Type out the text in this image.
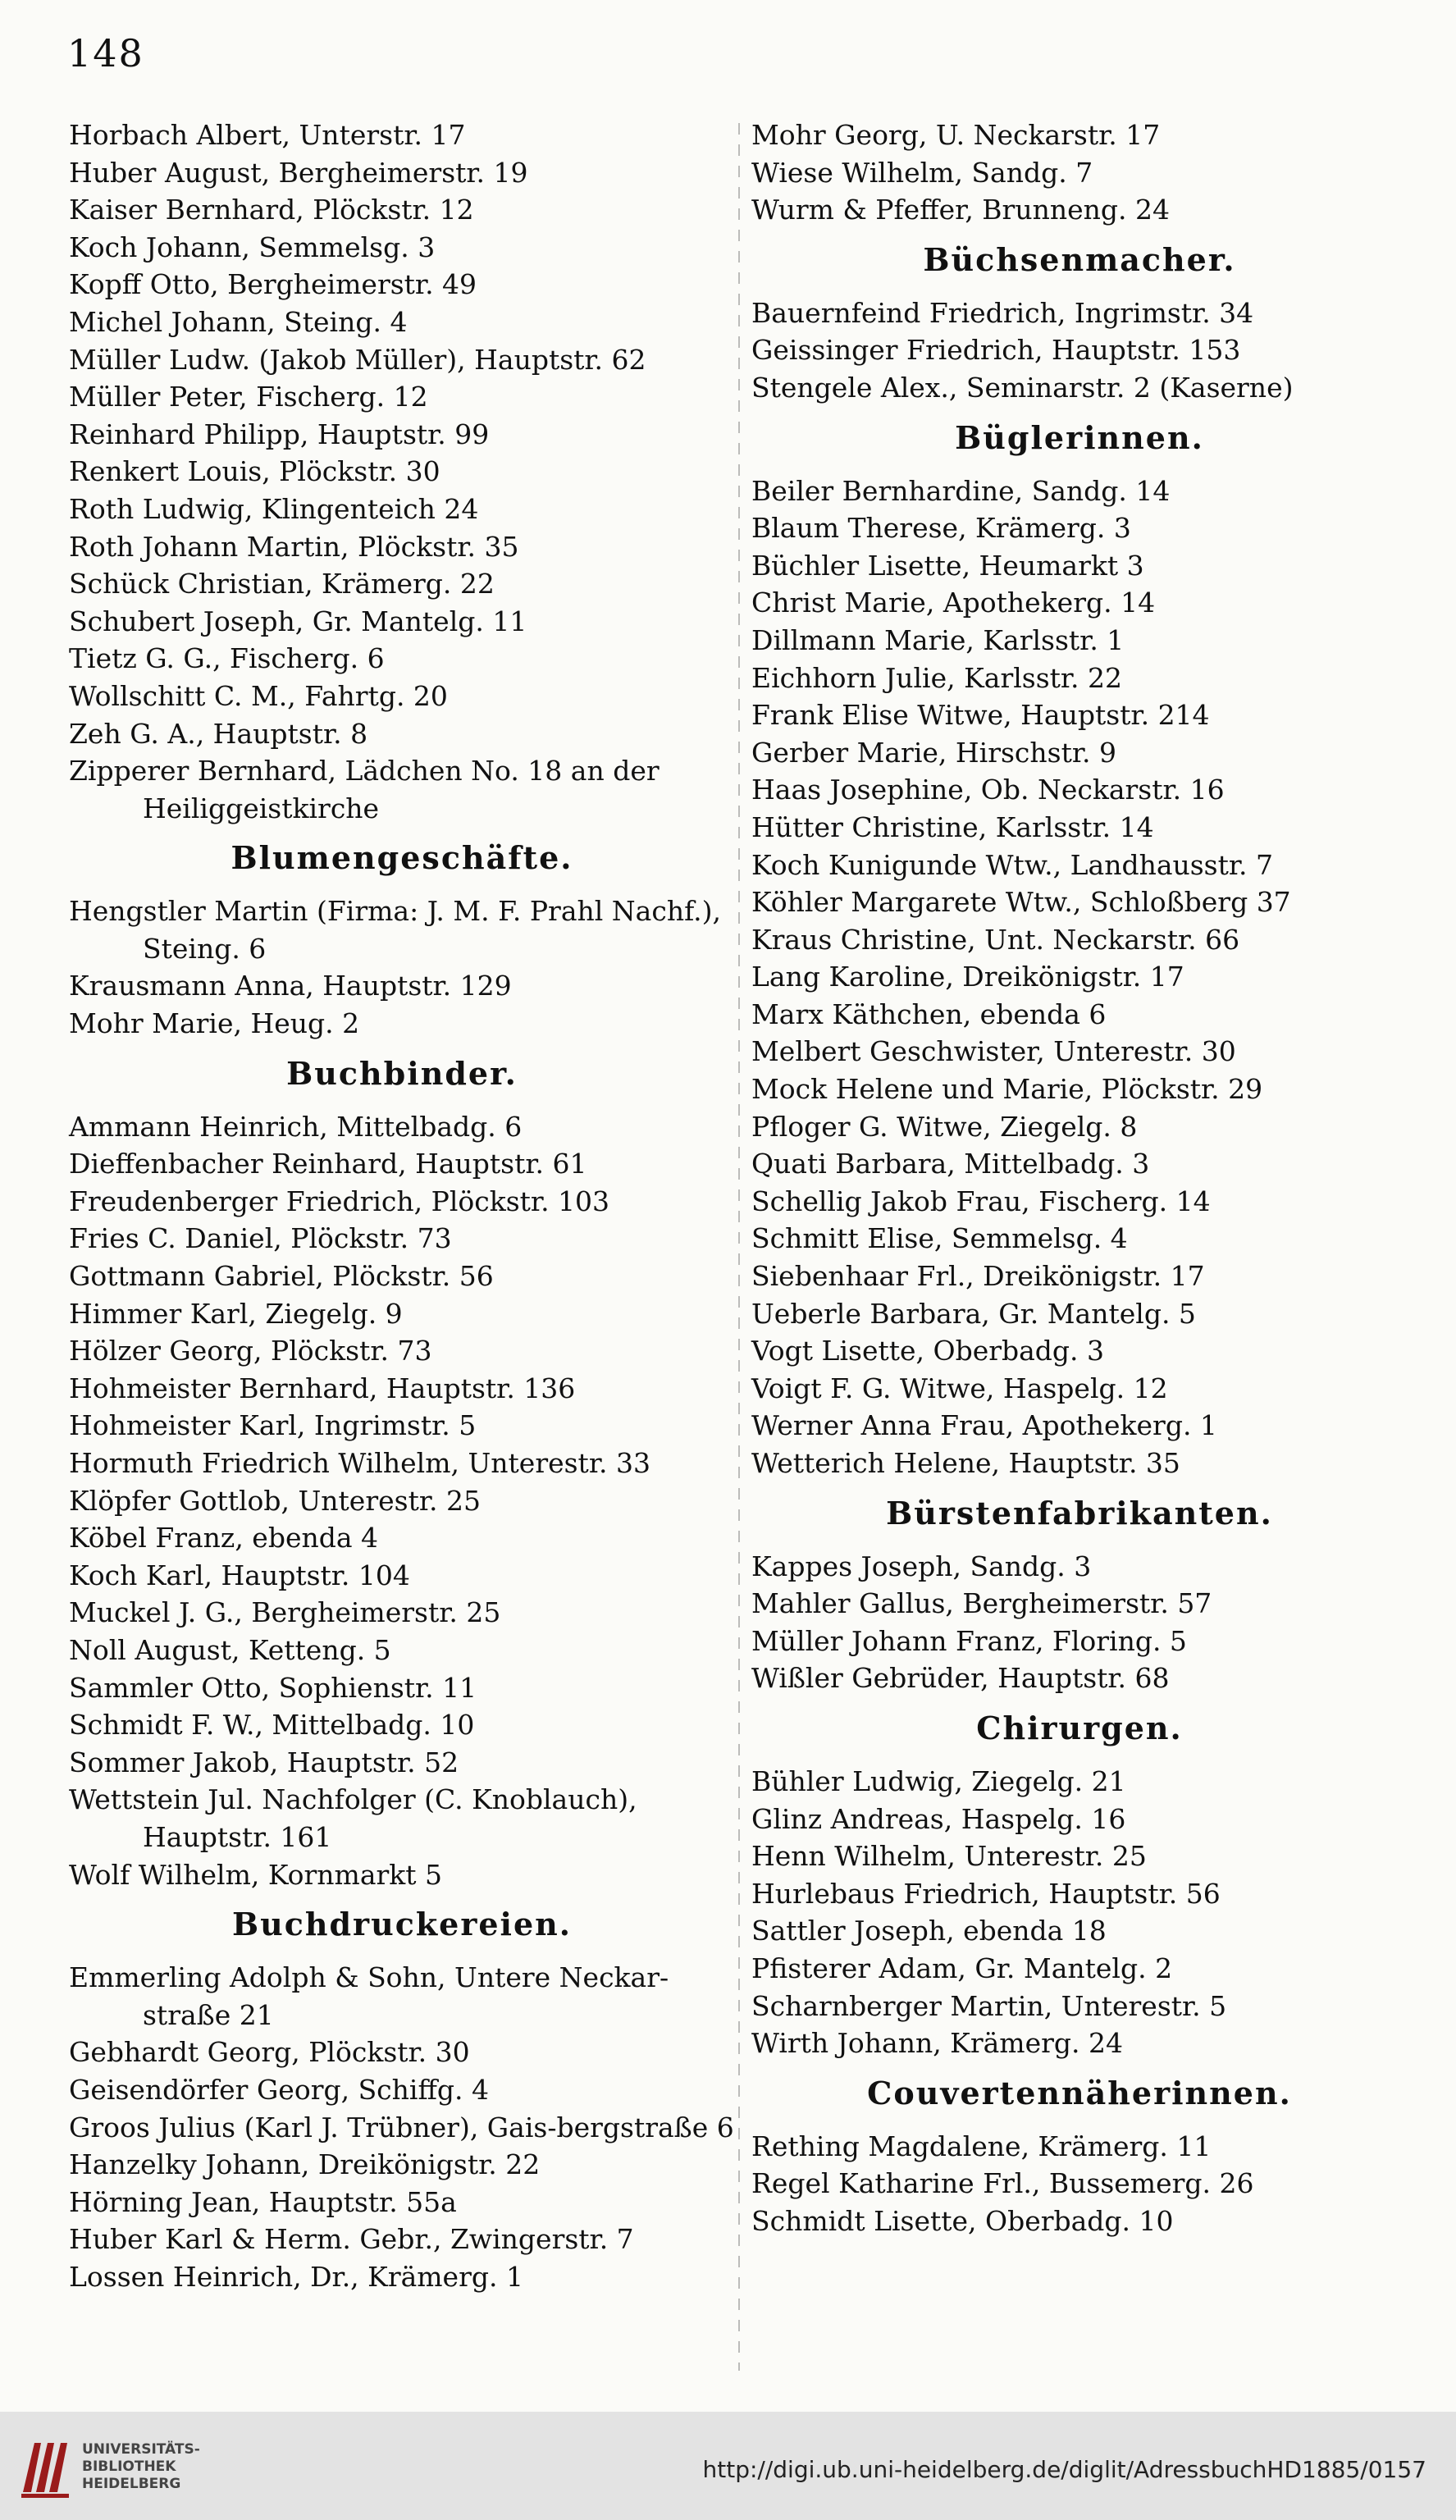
148
Horbach Albert, Unterstr. 17
Huber August, Bergheimerstr. 19
Kaiser Bernhard, Plöckstr. 12
Koch Johann, Semmelsg. 3
Kopff Otto, Bergheimerstr. 49
Michel Johann, Steing. 4
Müller Ludw. (Jakob Müller), Hauptstr. 62
Müller Peter, Fischerg. 12
Reinhard Philipp, Hauptstr. 99
Renkert Louis, Plöckstr. 30
Roth Ludwig, Klingenteich 24
Roth Johann Martin, Plöckstr. 35
Schück Christian, Krämerg. 22
Schubert Joseph, Gr. Mantelg. 11
Tietz G. G., Fischerg. 6
Wollschitt C. M., Fahrtg. 20
Zeh G. A., Hauptstr. 8
Zipperer Bernhard, Lädchen No. 18 an der Heiliggeistkirche
Blumengeschäfte.
Hengstler Martin (Firma: J. M. F. Prahl Nachf.), Steing. 6
Krausmann Anna, Hauptstr. 129
Mohr Marie, Heug. 2
Buchbinder.
Ammann Heinrich, Mittelbadg. 6
Dieffenbacher Reinhard, Hauptstr. 61
Freudenberger Friedrich, Plöckstr. 103
Fries C. Daniel, Plöckstr. 73
Gottmann Gabriel, Plöckstr. 56
Himmer Karl, Ziegelg. 9
Hölzer Georg, Plöckstr. 73
Hohmeister Bernhard, Hauptstr. 136
Hohmeister Karl, Ingrimstr. 5
Hormuth Friedrich Wilhelm, Unterestr. 33
Klöpfer Gottlob, Unterestr. 25
Köbel Franz, ebenda 4
Koch Karl, Hauptstr. 104
Muckel J. G., Bergheimerstr. 25
Noll August, Ketteng. 5
Sammler Otto, Sophienstr. 11
Schmidt F. W., Mittelbadg. 10
Sommer Jakob, Hauptstr. 52
Wettstein Jul. Nachfolger (C. Knoblauch), Hauptstr. 161
Wolf Wilhelm, Kornmarkt 5
Buchdruckereien.
Emmerling Adolph & Sohn, Untere Neckar-straße 21
Gebhardt Georg, Plöckstr. 30
Geisendörfer Georg, Schiffg. 4
Groos Julius (Karl J. Trübner), Gais-bergstraße 6
Hanzelky Johann, Dreikönigstr. 22
Hörning Jean, Hauptstr. 55a
Huber Karl & Herm. Gebr., Zwingerstr. 7
Lossen Heinrich, Dr., Krämerg. 1
Mohr Georg, U. Neckarstr. 17
Wiese Wilhelm, Sandg. 7
Wurm & Pfeffer, Brunneng. 24
Büchsenmacher.
Bauernfeind Friedrich, Ingrimstr. 34
Geissinger Friedrich, Hauptstr. 153
Stengele Alex., Seminarstr. 2 (Kaserne)
Büglerinnen.
Beiler Bernhardine, Sandg. 14
Blaum Therese, Krämerg. 3
Büchler Lisette, Heumarkt 3
Christ Marie, Apothekerg. 14
Dillmann Marie, Karlsstr. 1
Eichhorn Julie, Karlsstr. 22
Frank Elise Witwe, Hauptstr. 214
Gerber Marie, Hirschstr. 9
Haas Josephine, Ob. Neckarstr. 16
Hütter Christine, Karlsstr. 14
Koch Kunigunde Wtw., Landhausstr. 7
Köhler Margarete Wtw., Schloßberg 37
Kraus Christine, Unt. Neckarstr. 66
Lang Karoline, Dreikönigstr. 17
Marx Käthchen, ebenda 6
Melbert Geschwister, Unterestr. 30
Mock Helene und Marie, Plöckstr. 29
Pfloger G. Witwe, Ziegelg. 8
Quati Barbara, Mittelbadg. 3
Schellig Jakob Frau, Fischerg. 14
Schmitt Elise, Semmelsg. 4
Siebenhaar Frl., Dreikönigstr. 17
Ueberle Barbara, Gr. Mantelg. 5
Vogt Lisette, Oberbadg. 3
Voigt F. G. Witwe, Haspelg. 12
Werner Anna Frau, Apothekerg. 1
Wetterich Helene, Hauptstr. 35
Bürstenfabrikanten.
Kappes Joseph, Sandg. 3
Mahler Gallus, Bergheimerstr. 57
Müller Johann Franz, Floring. 5
Wißler Gebrüder, Hauptstr. 68
Chirurgen.
Bühler Ludwig, Ziegelg. 21
Glinz Andreas, Haspelg. 16
Henn Wilhelm, Unterestr. 25
Hurlebaus Friedrich, Hauptstr. 56
Sattler Joseph, ebenda 18
Pfisterer Adam, Gr. Mantelg. 2
Scharnberger Martin, Unterestr. 5
Wirth Johann, Krämerg. 24
Couvertennäherinnen.
Rething Magdalene, Krämerg. 11
Regel Katharine Frl., Bussemerg. 26
Schmidt Lisette, Oberbadg. 10
UNIVERSITÄTS-
BIBLIOTHEK
HEIDELBERG
http://digi.ub.uni-heidelberg.de/diglit/AdressbuchHD1885/0157
